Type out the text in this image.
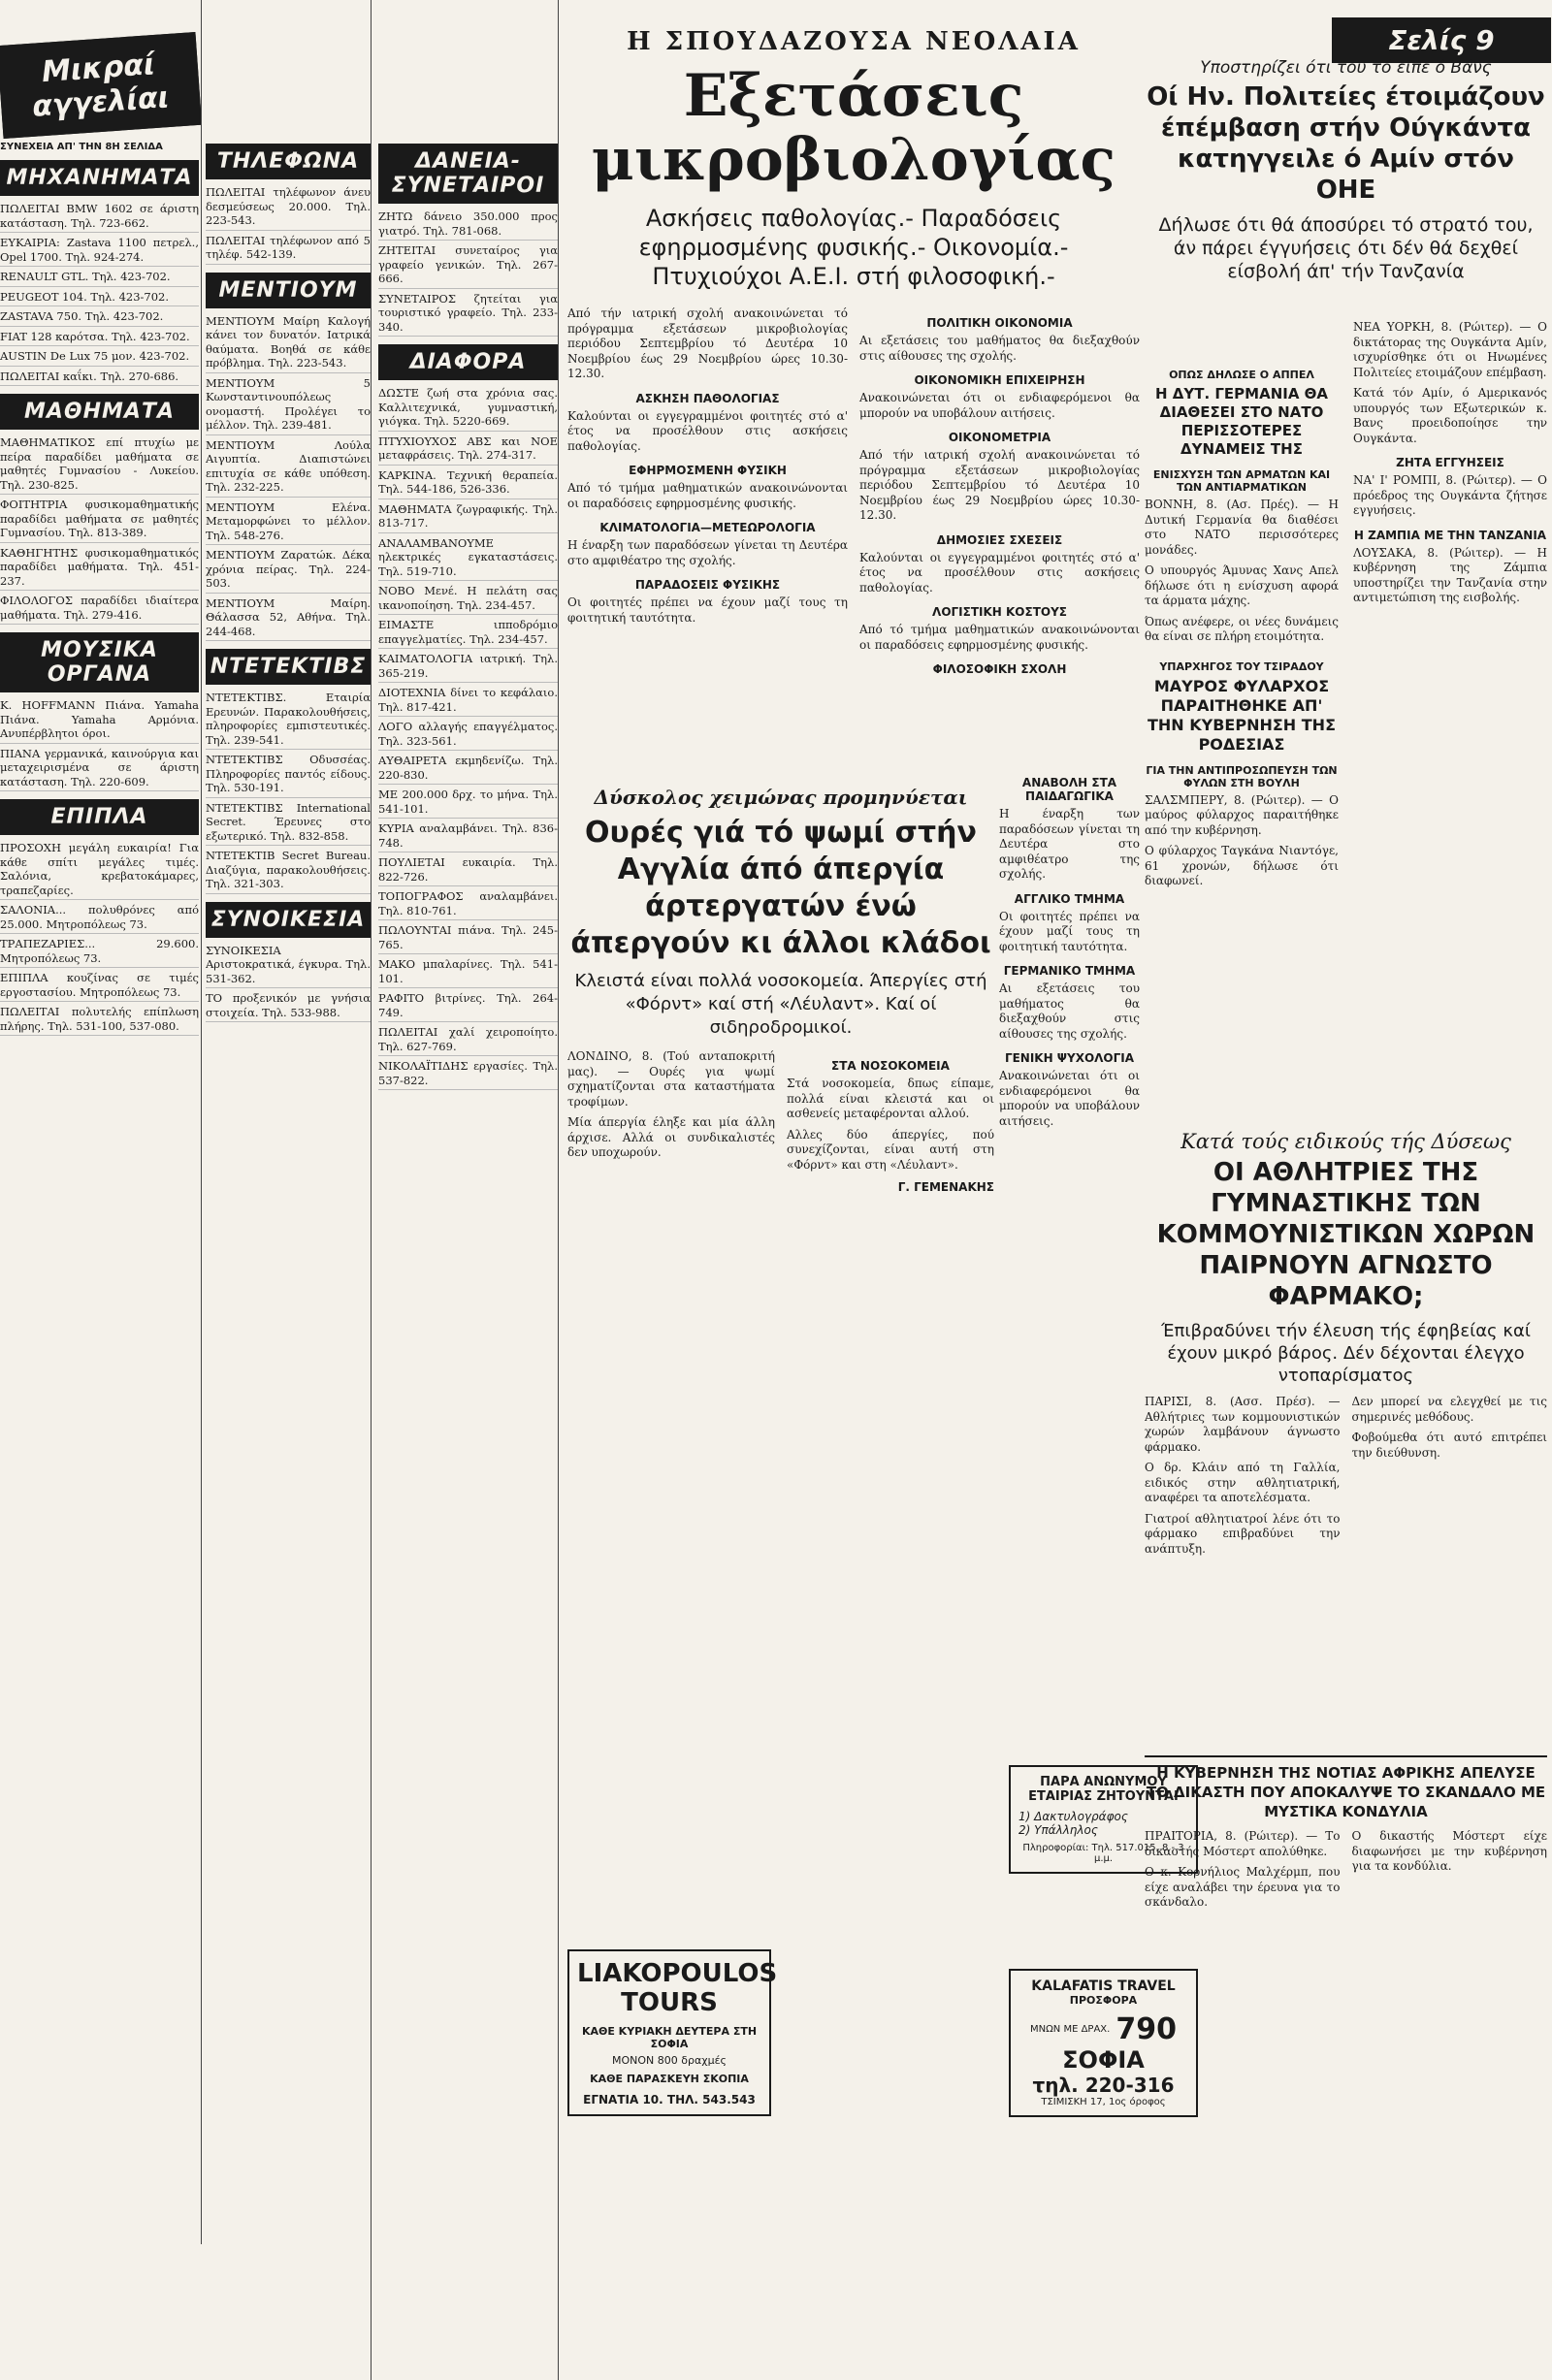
Μικραί αγγελίαι
ΣΥΝΕΧΕΙΑ ΑΠ' ΤΗΝ 8Η ΣΕΛΙΔΑ
ΜΗΧΑΝΗΜΑΤΑ

ΠΩΛΕΙΤΑΙ BMW 1602 σε άριστη κατάσταση. Τηλ. 723-662.

ΕΥΚΑΙΡΙΑ: Zastava 1100 πετρελ., Opel 1700. Τηλ. 924-274.

RENAULT GTL. Τηλ. 423-702.

PEUGEOT 104. Τηλ. 423-702.

ZASTAVA 750. Τηλ. 423-702.

FIAT 128 καρότσα. Τηλ. 423-702.

AUSTIN De Lux 75 μον. 423-702.

ΠΩΛΕΙΤΑΙ καΐκι. Τηλ. 270-686.

ΜΑΘΗΜΑΤΑ

ΜΑΘΗΜΑΤΙΚΟΣ επί πτυχίω με πείρα παραδίδει μαθήματα σε μαθητές Γυμνασίου - Λυκείου. Τηλ. 230-825.

ΦΟΙΤΗΤΡΙΑ φυσικομαθηματικής παραδίδει μαθήματα σε μαθητές Γυμνασίου. Τηλ. 813-389.

ΚΑΘΗΓΗΤΗΣ φυσικομαθηματικός παραδίδει μαθήματα. Τηλ. 451-237.

ΦΙΛΟΛΟΓΟΣ παραδίδει ιδιαίτερα μαθήματα. Τηλ. 279-416.

ΜΟΥΣΙΚΑ ΟΡΓΑΝΑ

Κ. HOFFMANN Πιάνα. Yamaha Πιάνα. Yamaha Αρμόνια. Ανυπέρβλητοι όροι.

ΠΙΑΝΑ γερμανικά, καινούργια και μεταχειρισμένα σε άριστη κατάσταση. Τηλ. 220-609.

ΕΠΙΠΛΑ

ΠΡΟΣΟΧΗ μεγάλη ευκαιρία! Για κάθε σπίτι μεγάλες τιμές. Σαλόνια, κρεβατοκάμαρες, τραπεζαρίες.

ΣΑΛΟΝΙΑ... πολυθρόνες από 25.000. Μητροπόλεως 73.

ΤΡΑΠΕΖΑΡΙΕΣ... 29.600. Μητροπόλεως 73.

ΕΠΙΠΛΑ κουζίνας σε τιμές εργοστασίου. Μητροπόλεως 73.

ΠΩΛΕΙΤΑΙ πολυτελής επίπλωση πλήρης. Τηλ. 531-100, 537-080.

ΤΗΛΕΦΩΝΑ

ΠΩΛΕΙΤΑΙ τηλέφωνον άνευ δεσμεύσεως 20.000. Τηλ. 223-543.

ΠΩΛΕΙΤΑΙ τηλέφωνον από 5 τηλέφ. 542-139.

ΜΕΝΤΙΟΥΜ

ΜΕΝΤΙΟΥΜ Μαίρη Καλογή κάνει τον δυνατόν. Ιατρικά θαύματα. Βοηθά σε κάθε πρόβλημα. Τηλ. 223-543.

ΜΕΝΤΙΟΥΜ 5 Κωνσταντινουπόλεως ονομαστή. Προλέγει το μέλλον. Τηλ. 239-481.

ΜΕΝΤΙΟΥΜ Λούλα Αιγυπτία. Διαπιστώνει επιτυχία σε κάθε υπόθεση. Τηλ. 232-225.

ΜΕΝΤΙΟΥΜ Ελένα. Μεταμορφώνει το μέλλον. Τηλ. 548-276.

ΜΕΝΤΙΟΥΜ Ζαρατώκ. Δέκα χρόνια πείρας. Τηλ. 224-503.

ΜΕΝΤΙΟΥΜ Μαίρη. Θάλασσα 52, Αθήνα. Τηλ. 244-468.

ΝΤΕΤΕΚΤΙΒΣ

ΝΤΕΤΕΚΤΙΒΣ. Εταιρία Ερευνών. Παρακολουθήσεις, πληροφορίες εμπιστευτικές. Τηλ. 239-541.

ΝΤΕΤΕΚΤΙΒΣ Οδυσσέας. Πληροφορίες παντός είδους. Τηλ. 530-191.

ΝΤΕΤΕΚΤΙΒΣ Ιnternational Secret. Έρευνες στο εξωτερικό. Τηλ. 832-858.

ΝΤΕΤΕΚΤΙΒ Secret Bureau. Διαζύγια, παρακολουθήσεις. Τηλ. 321-303.

ΣΥΝΟΙΚΕΣΙΑ

ΣΥΝΟΙΚΕΣΙΑ Αριστοκρατικά, έγκυρα. Τηλ. 531-362.

ΤΟ προξενικόν με γνήσια στοιχεία. Τηλ. 533-988.

ΔΑΝΕΙΑ-ΣΥΝΕΤΑΙΡΟΙ

ΖΗΤΩ δάνειο 350.000 προς γιατρό. Τηλ. 781-068.

ΖΗΤΕΙΤΑΙ συνεταίρος για γραφείο γενικών. Τηλ. 267-666.

ΣΥΝΕΤΑΙΡΟΣ ζητείται για τουριστικό γραφείο. Τηλ. 233-340.

ΔΙΑΦΟΡΑ

ΔΩΣΤΕ ζωή στα χρόνια σας. Καλλιτεχνικά, γυμναστική, γιόγκα. Τηλ. 5220-669.

ΠΤΥΧΙΟΥΧΟΣ ΑΒΣ και ΝΟΕ μεταφράσεις. Τηλ. 274-317.

ΚΑΡΚΙΝΑ. Τεχνική θεραπεία. Τηλ. 544-186, 526-336.

ΜΑΘΗΜΑΤΑ ζωγραφικής. Τηλ. 813-717.

ΑΝΑΛΑΜΒΑΝΟΥΜΕ ηλεκτρικές εγκαταστάσεις. Τηλ. 519-710.

ΝΟΒΟ Μενέ. Η πελάτη σας ικανοποίηση. Τηλ. 234-457.

ΕΙΜΑΣΤΕ ιπποδρόμιο επαγγελματίες. Τηλ. 234-457.

ΚΑΙΜΑΤΟΛΟΓΙΑ ιατρική. Τηλ. 365-219.

ΔΙΟΤΕΧΝΙΑ δίνει το κεφάλαιο. Τηλ. 817-421.

ΛΟΓΟ αλλαγής επαγγέλματος. Τηλ. 323-561.

ΑΥΘΑΙΡΕΤΑ εκμηδενίζω. Τηλ. 220-830.

ΜΕ 200.000 δρχ. το μήνα. Τηλ. 541-101.

ΚΥΡΙΑ αναλαμβάνει. Τηλ. 836-748.

ΠΟΥΛΙΕΤΑΙ ευκαιρία. Τηλ. 822-726.

ΤΟΠΟΓΡΑΦΟΣ αναλαμβάνει. Τηλ. 810-761.

ΠΩΛΟΥΝΤΑΙ πιάνα. Τηλ. 245-765.

ΜΑΚΟ μπαλαρίνες. Τηλ. 541-101.

ΡΑΦΙΤΟ βιτρίνες. Τηλ. 264-749.

ΠΩΛΕΙΤΑΙ χαλί χειροποίητο. Τηλ. 627-769.

ΝΙΚΟΛΑΪΤΙΔΗΣ εργασίες. Τηλ. 537-822.

Η ΣΠΟΥΔΑΖΟΥΣΑ ΝΕΟΛΑΙΑ
Εξετάσεις μικροβιολογίας
Ασκήσεις παθολογίας.- Παραδόσεις εφηρμοσμένης φυσικής.- Οικονομία.- Πτυχιούχοι Α.Ε.Ι. στή φιλοσοφική.-

Από τήν ιατρική σχολή ανακοινώνεται τό πρόγραμμα εξετάσεων μικροβιολογίας περιόδου Σεπτεμβρίου τό Δευτέρα 10 Νοεμβρίου έως 29 Νοεμβρίου ώρες 10.30-12.30.

ΑΣΚΗΣΗ ΠΑΘΟΛΟΓΙΑΣ

Καλούνται οι εγγεγραμμένοι φοιτητές στό α' έτος να προσέλθουν στις ασκήσεις παθολογίας.

ΕΦΗΡΜΟΣΜΕΝΗ ΦΥΣΙΚΗ

Από τό τμήμα μαθηματικών ανακοινώνονται οι παραδόσεις εφηρμοσμένης φυσικής.

ΚΛΙΜΑΤΟΛΟΓΙΑ—ΜΕΤΕΩΡΟΛΟΓΙΑ

Η έναρξη των παραδόσεων γίνεται τη Δευτέρα στο αμφιθέατρο της σχολής.

ΠΑΡΑΔΟΣΕΙΣ ΦΥΣΙΚΗΣ

Οι φοιτητές πρέπει να έχουν μαζί τους τη φοιτητική ταυτότητα.

ΠΟΛΙΤΙΚΗ ΟΙΚΟΝΟΜΙΑ

Αι εξετάσεις του μαθήματος θα διεξαχθούν στις αίθουσες της σχολής.

ΟΙΚΟΝΟΜΙΚΗ ΕΠΙΧΕΙΡΗΣΗ

Ανακοινώνεται ότι οι ενδιαφερόμενοι θα μπορούν να υποβάλουν αιτήσεις.

ΟΙΚΟΝΟΜΕΤΡΙΑ

Από τήν ιατρική σχολή ανακοινώνεται τό πρόγραμμα εξετάσεων μικροβιολογίας περιόδου Σεπτεμβρίου τό Δευτέρα 10 Νοεμβρίου έως 29 Νοεμβρίου ώρες 10.30-12.30.

ΔΗΜΟΣΙΕΣ ΣΧΕΣΕΙΣ

Καλούνται οι εγγεγραμμένοι φοιτητές στό α' έτος να προσέλθουν στις ασκήσεις παθολογίας.

ΛΟΓΙΣΤΙΚΗ ΚΟΣΤΟΥΣ

Από τό τμήμα μαθηματικών ανακοινώνονται οι παραδόσεις εφηρμοσμένης φυσικής.

ΦΙΛΟΣΟΦΙΚΗ ΣΧΟΛΗ
ΑΝΑΒΟΛΗ ΣΤΑ ΠΑΙΔΑΓΩΓΙΚΑ

Η έναρξη των παραδόσεων γίνεται τη Δευτέρα στο αμφιθέατρο της σχολής.

ΑΓΓΛΙΚΟ ΤΜΗΜΑ

Οι φοιτητές πρέπει να έχουν μαζί τους τη φοιτητική ταυτότητα.

ΓΕΡΜΑΝΙΚΟ ΤΜΗΜΑ

Αι εξετάσεις του μαθήματος θα διεξαχθούν στις αίθουσες της σχολής.

ΓΕΝΙΚΗ ΨΥΧΟΛΟΓΙΑ

Ανακοινώνεται ότι οι ενδιαφερόμενοι θα μπορούν να υποβάλουν αιτήσεις.

Δύσκολος χειμώνας προμηνύεται
Ουρές γιά τό ψωμί στήν Αγγλία άπό άπεργία άρτεργατών ένώ άπεργούν κι άλλοι κλάδοι
Κλειστά είναι πολλά νοσοκομεία. Άπεργίες στή «Φόρντ» καί στή «Λέυλαντ». Καί οί σιδηροδρομικοί.

ΛΟΝΔΙΝΟ, 8. (Τού ανταποκριτή μας). — Ουρές για ψωμί σχηματίζονται στα καταστήματα τροφίμων.

Μία άπεργία έληξε και μία άλλη άρχισε. Αλλά οι συνδικαλιστές δεν υποχωρούν.

ΣΤΑ ΝΟΣΟΚΟΜΕΙΑ

Στά νοσοκομεία, δπως είπαμε, πολλά είναι κλειστά και οι ασθενείς μεταφέρονται αλλού.

Αλλες δύο άπεργίες, πού συνεχίζονται, είναι αυτή στη «Φόρντ» και στη «Λέυλαντ».

Γ. ΓΕΜΕΝΑΚΗΣ
LIAKOPOULOS TOURS
ΚΑΘΕ ΚΥΡΙΑΚΗ ΔΕΥΤΕΡΑ ΣΤΗ ΣΟΦΙΑ
ΜΟΝΟΝ 800 δραχμές
ΚΑΘΕ ΠΑΡΑΣΚΕΥΗ ΣΚΟΠΙΑ
ΕΓΝΑΤΙΑ 10. ΤΗΛ. 543.543
ΠΑΡΑ ΑΝΩΝΥΜΟΥ ΕΤΑΙΡΙΑΣ ΖΗΤΟΥΝΤΑΙ
1) Δακτυλογράφος
2) Υπάλληλος
Πληροφορίαι: Τηλ. 517.015, 8 - 3 μ.μ.
KALAFATIS TRAVEL
ΠΡΟΣΦΟΡΑ
ΜΝΩΝ ΜΕ ΔΡΑΧ. 790
ΣΟΦΙΑ
τηλ. 220-316
ΤΣΙΜΙΣΚΗ 17, 1ος όροφος
Σελίς 9
Υποστηρίζει ότι τού τό είπε ό Βάνς
Οί Ην. Πολιτείες έτοιμάζουν έπέμβαση στήν Ούγκάντα κατηγγειλε ό Αμίν στόν ΟΗΕ
Δήλωσε ότι θά άποσύρει τό στρατό του, άν πάρει έγγυήσεις ότι δέν θά δεχθεί είσβολή άπ' τήν Τανζανία
ΟΠΩΣ ΔΗΛΩΣΕ Ο ΑΠΠΕΛ
Η ΔΥΤ. ΓΕΡΜΑΝΙΑ ΘΑ ΔΙΑΘΕΣΕΙ ΣΤΟ ΝΑΤΟ ΠΕΡΙΣΣΟΤΕΡΕΣ ΔΥΝΑΜΕΙΣ ΤΗΣ
ΕΝΙΣΧΥΣΗ ΤΩΝ ΑΡΜΑΤΩΝ ΚΑΙ ΤΩΝ ΑΝΤΙΑΡΜΑΤΙΚΩΝ

ΒΟΝΝΗ, 8. (Ασ. Πρές). — Η Δυτική Γερμανία θα διαθέσει στο ΝΑΤΟ περισσότερες μονάδες.

Ο υπουργός Άμυνας Χανς Απελ δήλωσε ότι η ενίσχυση αφορά τα άρματα μάχης.

Όπως ανέφερε, οι νέες δυνάμεις θα είναι σε πλήρη ετοιμότητα.

ΥΠΑΡΧΗΓΟΣ ΤΟΥ ΤΣΙΡΑΔΟΥ
ΜΑΥΡΟΣ ΦΥΛΑΡΧΟΣ ΠΑΡΑΙΤΗΘΗΚΕ ΑΠ' ΤΗΝ ΚΥΒΕΡΝΗΣΗ ΤΗΣ ΡΟΔΕΣΙΑΣ
ΓΙΑ ΤΗΝ ΑΝΤΙΠΡΟΣΩΠΕΥΣΗ ΤΩΝ ΦΥΛΩΝ ΣΤΗ ΒΟΥΛΗ

ΣΑΛΣΜΠΕΡΥ, 8. (Ρώιτερ). — Ο μαύρος φύλαρχος παραιτήθηκε από την κυβέρνηση.

Ο φύλαρχος Ταγκάνα Νιαντόγε, 61 χρονών, δήλωσε ότι διαφωνεί.

ΝΕΑ ΥΟΡΚΗ, 8. (Ρώιτερ). — Ο δικτάτορας της Ουγκάντα Αμίν, ισχυρίσθηκε ότι οι Ηνωμένες Πολιτείες ετοιμάζουν επέμβαση.

Κατά τόν Αμίν, ό Αμερικανός υπουργός των Εξωτερικών κ. Βανς προειδοποίησε την Ουγκάντα.

ΖΗΤΑ ΕΓΓΥΗΣΕΙΣ

ΝΑ' Ι' ΡΟΜΠΙ, 8. (Ρώιτερ). — Ο πρόεδρος της Ουγκάντα ζήτησε εγγυήσεις.

Η ΖΑΜΠΙΑ ΜΕ ΤΗΝ ΤΑΝΖΑΝΙΑ

ΛΟΥΣΑΚΑ, 8. (Ρώιτερ). — Η κυβέρνηση της Ζάμπια υποστηρίζει την Τανζανία στην αντιμετώπιση της εισβολής.

Κατά τούς ειδικούς τής Δύσεως
ΟΙ ΑΘΛΗΤΡΙΕΣ ΤΗΣ ΓΥΜΝΑΣΤΙΚΗΣ ΤΩΝ ΚΟΜΜΟΥΝΙΣΤΙΚΩΝ ΧΩΡΩΝ ΠΑΙΡΝΟΥΝ ΑΓΝΩΣΤΟ ΦΑΡΜΑΚΟ;
Έπιβραδύνει τήν έλευση τής έφηβείας καί έχουν μικρό βάρος. Δέν δέχονται έλεγχο ντοπαρίσματος

ΠΑΡΙΣΙ, 8. (Ασσ. Πρέσ). — Αθλήτριες των κομμουνιστικών χωρών λαμβάνουν άγνωστο φάρμακο.

Ο δρ. Κλάιν από τη Γαλλία, ειδικός στην αθλητιατρική, αναφέρει τα αποτελέσματα.

Γιατροί αθλητιατροί λένε ότι το φάρμακο επιβραδύνει την ανάπτυξη.

Δεν μπορεί να ελεγχθεί με τις σημερινές μεθόδους.

Φοβούμεθα ότι αυτό επιτρέπει την διεύθυνση.

Η ΚΥΒΕΡΝΗΣΗ ΤΗΣ ΝΟΤΙΑΣ ΑΦΡΙΚΗΣ ΑΠΕΛΥΣΕ ΤΟ ΔΙΚΑΣΤΗ ΠΟΥ ΑΠΟΚΑΛΥΨΕ ΤΟ ΣΚΑΝΔΑΛΟ ΜΕ ΜΥΣΤΙΚΑ ΚΟΝΔΥΛΙΑ

ΠΡΑΙΤΟΡΙΑ, 8. (Ρώιτερ). — Το δικαστής Μόστερτ απολύθηκε.

Ο κ. Κορνήλιος Μαλχέρμπ, που είχε αναλάβει την έρευνα για το σκάνδαλο.

Ο δικαστής Μόστερτ είχε διαφωνήσει με την κυβέρνηση για τα κονδύλια.
